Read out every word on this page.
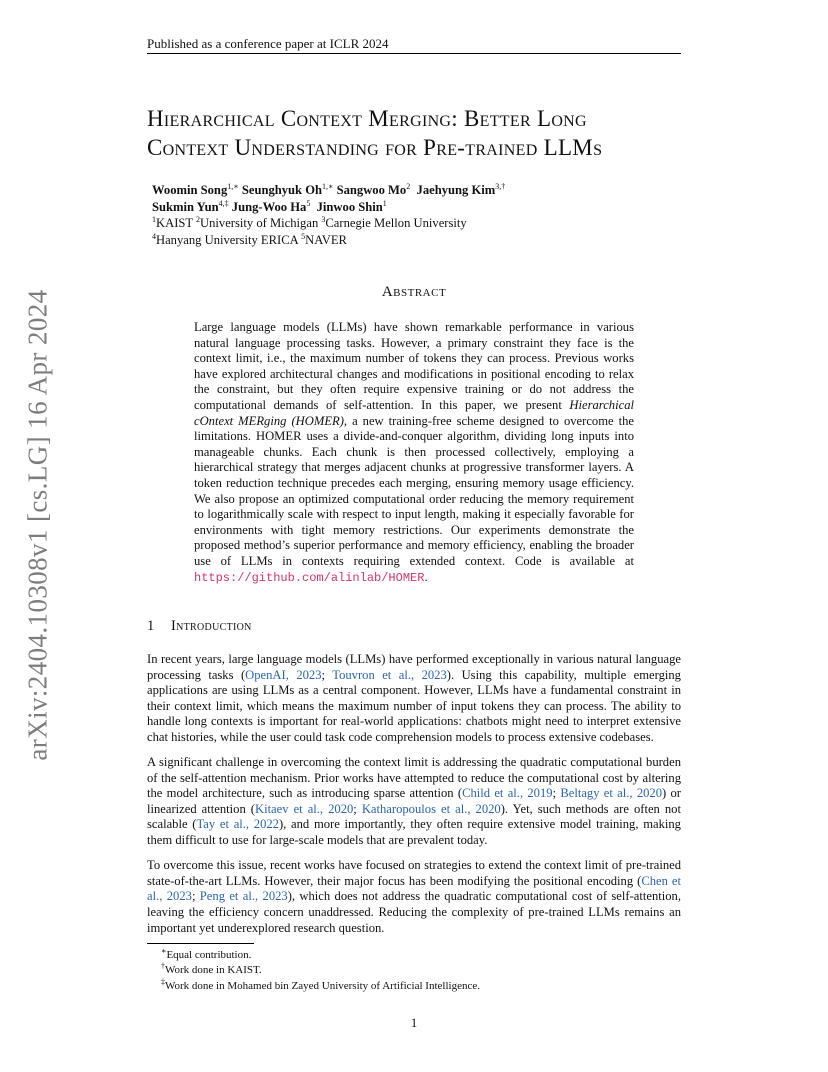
Published as a conference paper at ICLR 2024
arXiv:2404.10308v1 [cs.LG] 16 Apr 2024
Hierarchical Context Merging: Better Long
Context Understanding for Pre-trained LLMs
Woomin Song$^{1,∗}$ Seunghyuk $Oh^{1,∗}$ Sangwoo Mo$^2$ Jaehyung Kim$^{3,\dagger}$
Sukmin Yun$^{4,\ddagger}$ Jung-Woo Ha$^5$ Jinwoo Shin$^1$
$^1$KAIST $^2$University of Michigan $^3$Carnegie Mellon University
$^4$Hanyang University ERICA $^5$NAVER
Abstract
Large language models (LLMs) have shown remarkable performance in various natural language processing tasks. However, a primary constraint they face is the context limit, i.e., the maximum number of tokens they can process. Previous works have explored architectural changes and modifications in positional encoding to relax the constraint, but they often require expensive training or do not address the computational demands of self-attention. In this paper, we present Hierarchical cOntext MERging (HOMER), a new training-free scheme designed to overcome the limitations. HOMER uses a divide-and-conquer algorithm, dividing long inputs into manageable chunks. Each chunk is then processed collectively, employing a hierarchical strategy that merges adjacent chunks at progressive transformer layers. A token reduction technique precedes each merging, ensuring memory usage efficiency. We also propose an optimized computational order reducing the memory requirement to logarithmically scale with respect to input length, making it especially favorable for environments with tight memory restrictions. Our experiments demonstrate the proposed method’s superior performance and memory efficiency, enabling the broader use of LLMs in contexts requiring extended context. Code is available at https://github.com/alinlab/HOMER.
1 Introduction

In recent years, large language models (LLMs) have performed exceptionally in various natural language processing tasks (OpenAI, 2023; Touvron et al., 2023). Using this capability, multiple emerging applications are using LLMs as a central component. However, LLMs have a fundamental constraint in their context limit, which means the maximum number of input tokens they can process. The ability to handle long contexts is important for real-world applications: chatbots might need to interpret extensive chat histories, while the user could task code comprehension models to process extensive codebases.

A significant challenge in overcoming the context limit is addressing the quadratic computational burden of the self-attention mechanism. Prior works have attempted to reduce the computational cost by altering the model architecture, such as introducing sparse attention (Child et al., 2019; Beltagy et al., 2020) or linearized attention (Kitaev et al., 2020; Katharopoulos et al., 2020). Yet, such methods are often not scalable (Tay et al., 2022), and more importantly, they often require extensive model training, making them difficult to use for large-scale models that are prevalent today.

To overcome this issue, recent works have focused on strategies to extend the context limit of pre-trained state-of-the-art LLMs. However, their major focus has been modifying the positional encoding (Chen et al., 2023; Peng et al., 2023), which does not address the quadratic computational cost of self-attention, leaving the efficiency concern unaddressed. Reducing the complexity of pre-trained LLMs remains an important yet underexplored research question.

∗Equal contribution.
†Work done in KAIST.
‡Work done in Mohamed bin Zayed University of Artificial Intelligence.
1
